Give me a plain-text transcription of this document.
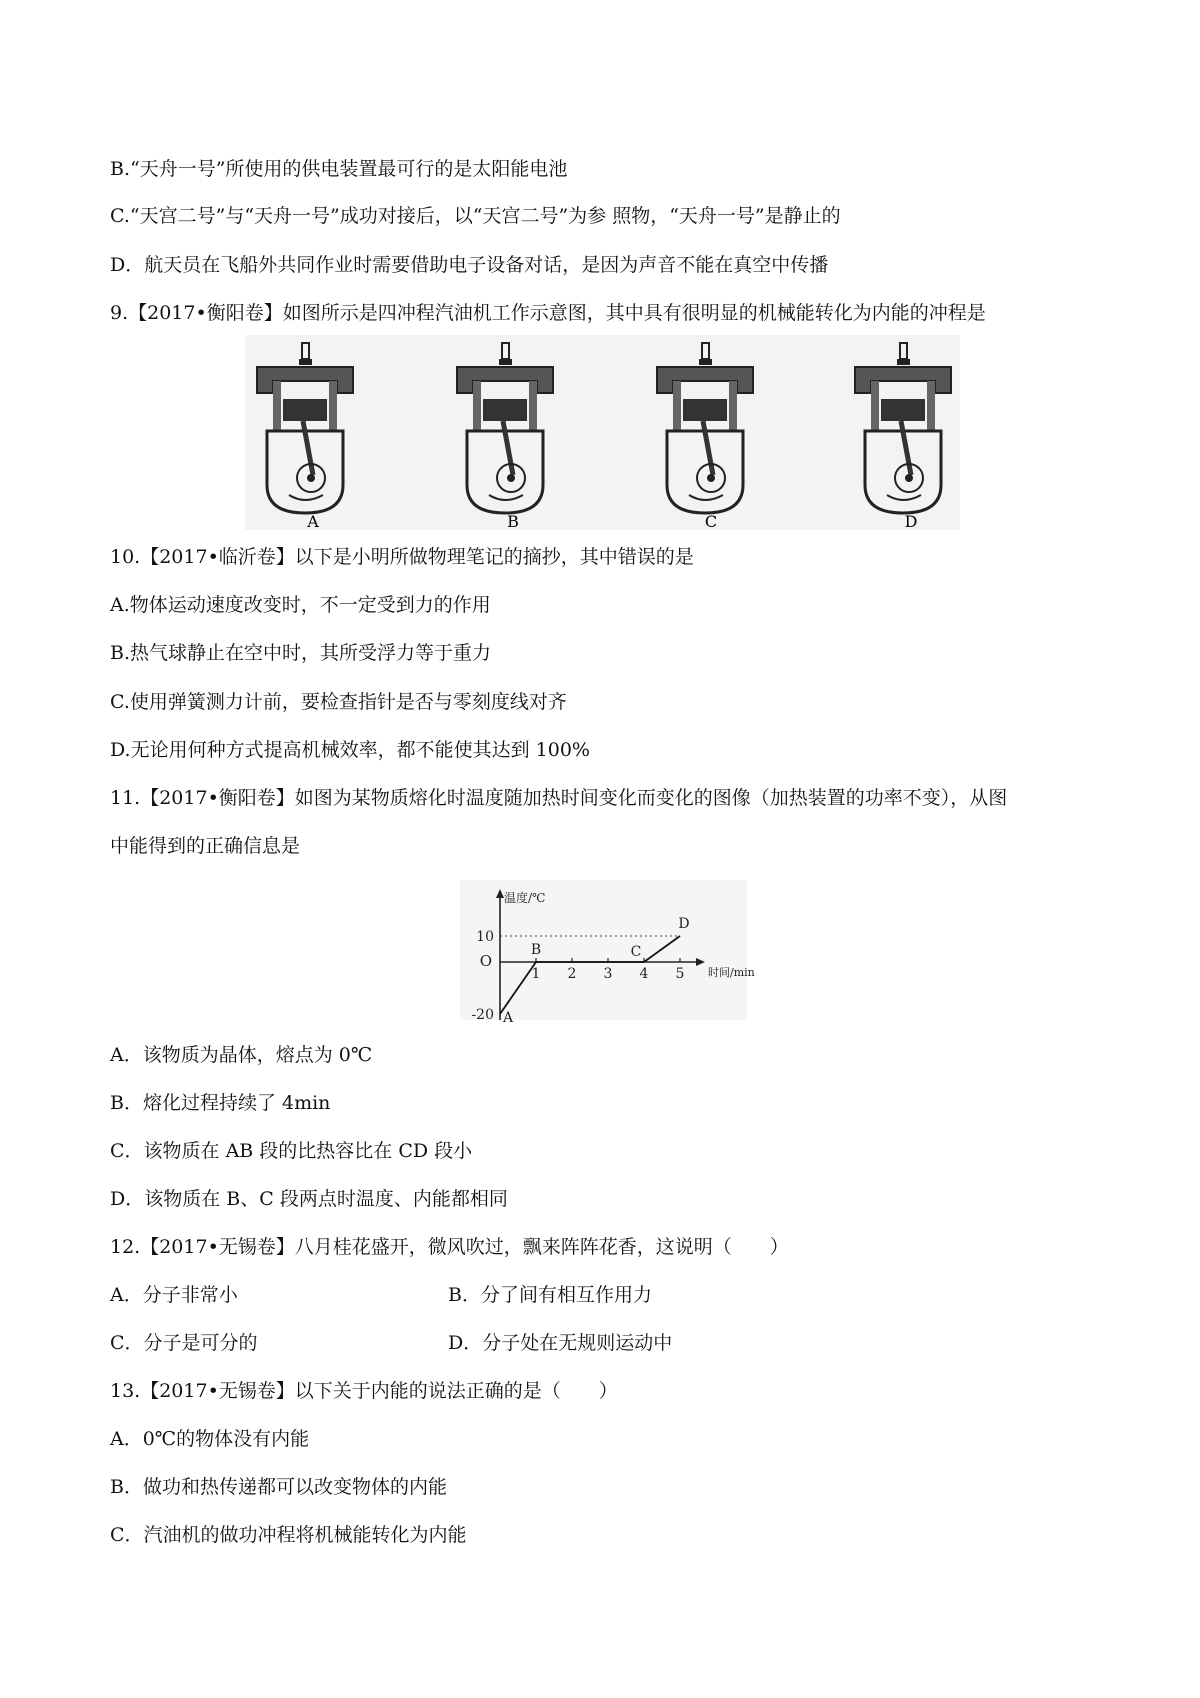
B.“天舟一号”所使用的供电装置最可行的是太阳能电池
C.“天宫二号”与“天舟一号”成功对接后，以“天宫二号”为参 照物，“天舟一号”是静止的
D．航天员在飞船外共同作业时需要借助电子设备对话，是因为声音不能在真空中传播
9.【2017•衡阳卷】如图所示是四冲程汽油机工作示意图，其中具有很明显的机械能转化为内能的冲程是
A	B	C	D
10.【2017•临沂卷】以下是小明所做物理笔记的摘抄，其中错误的是
A.物体运动速度改变时，不一定受到力的作用
B.热气球静止在空中时，其所受浮力等于重力
C.使用弹簧测力计前，要检查指针是否与零刻度线对齐
D.无论用何种方式提高机械效率，都不能使其达到 100%
11.【2017•衡阳卷】如图为某物质熔化时温度随加热时间变化而变化的图像（加热装置的功率不变），从图
中能得到的正确信息是
温度/℃
时间/min
O
1 2 3 4 5
10
-20 A
B	C
D
A．该物质为晶体，熔点为 0℃
B．熔化过程持续了 4min
C．该物质在 AB 段的比热容比在 CD 段小
D．该物质在 B、C 段两点时温度、内能都相同
12.【2017•无锡卷】八月桂花盛开，微风吹过，飘来阵阵花香，这说明（　　）
A．分子非常小	B．分了间有相互作用力
C．分子是可分的	D．分子处在无规则运动中
13.【2017•无锡卷】以下关于内能的说法正确的是（　　）
A．0℃的物体没有内能
B．做功和热传递都可以改变物体的内能
C．汽油机的做功冲程将机械能转化为内能
